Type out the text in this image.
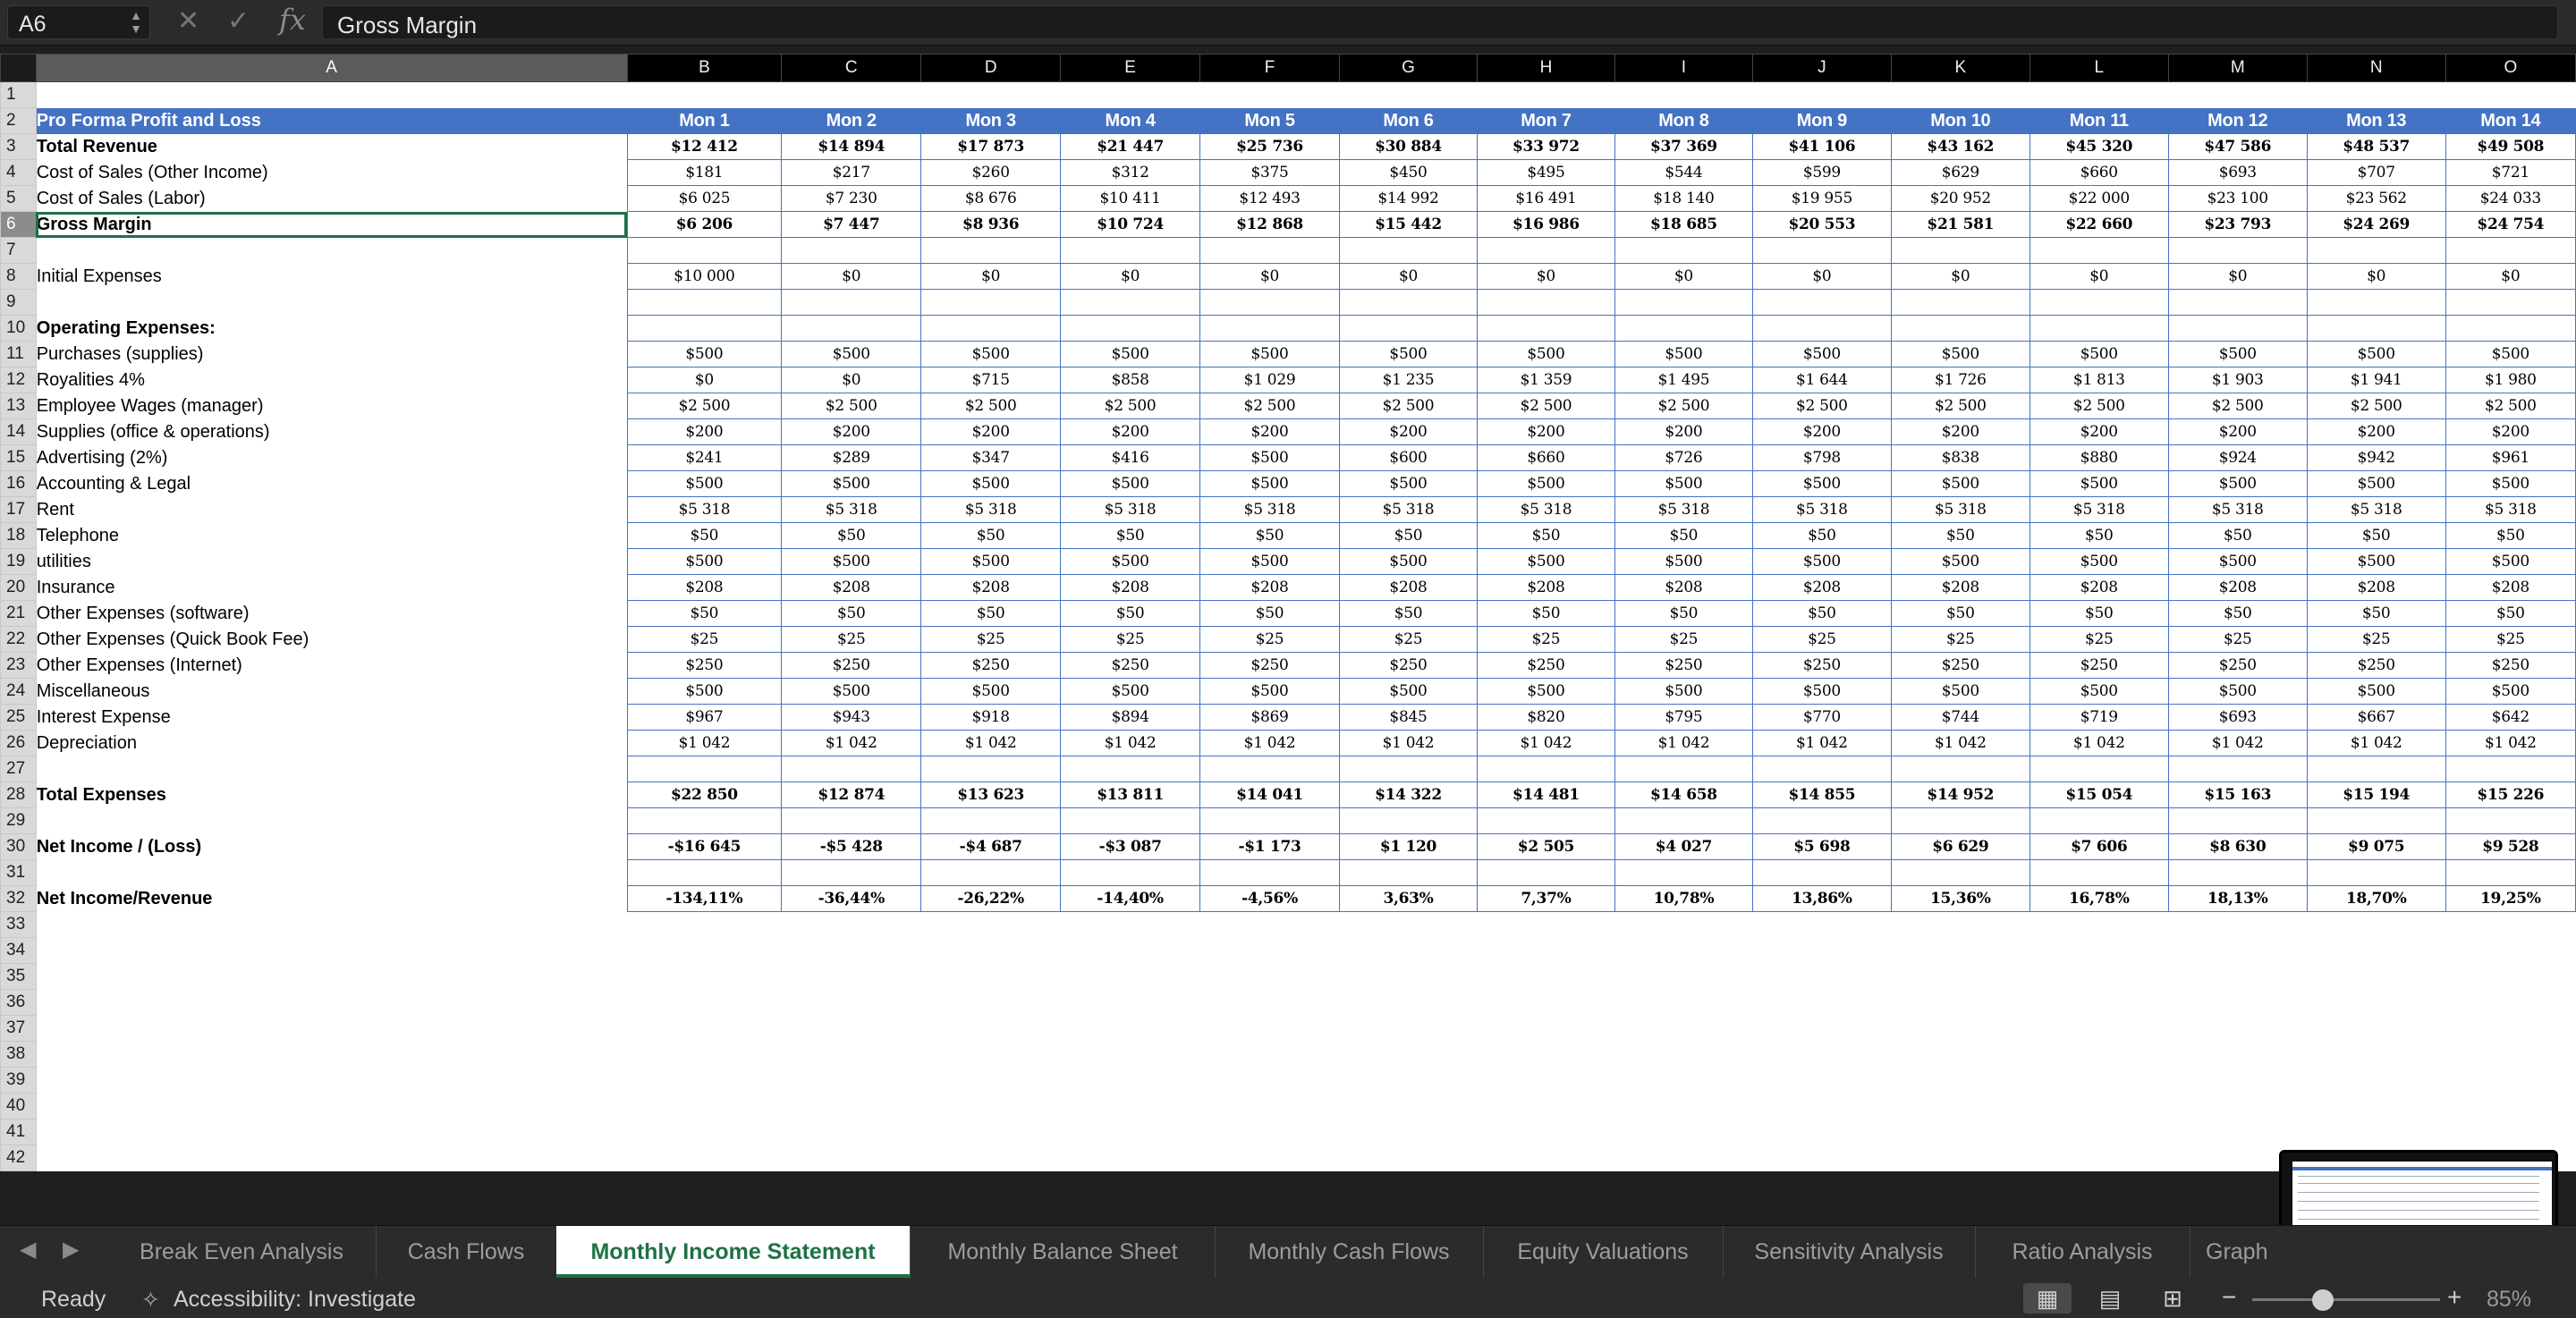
A6	▲
▼ ✕ ✓ fx Gross Margin
	A	B	C	D	E	F	G	H	I	J	K	L	M	N	O
1															
2	Pro Forma Profit and Loss	Mon 1	Mon 2	Mon 3	Mon 4	Mon 5	Mon 6	Mon 7	Mon 8	Mon 9	Mon 10	Mon 11	Mon 12	Mon 13	Mon 14
3	Total Revenue	$12 412	$14 894	$17 873	$21 447	$25 736	$30 884	$33 972	$37 369	$41 106	$43 162	$45 320	$47 586	$48 537	$49 508
4	Cost of Sales (Other Income)	$181	$217	$260	$312	$375	$450	$495	$544	$599	$629	$660	$693	$707	$721
5	Cost of Sales (Labor)	$6 025	$7 230	$8 676	$10 411	$12 493	$14 992	$16 491	$18 140	$19 955	$20 952	$22 000	$23 100	$23 562	$24 033
6	Gross Margin	$6 206	$7 447	$8 936	$10 724	$12 868	$15 442	$16 986	$18 685	$20 553	$21 581	$22 660	$23 793	$24 269	$24 754
7															
8	Initial Expenses	$10 000	$0	$0	$0	$0	$0	$0	$0	$0	$0	$0	$0	$0	$0
9															
10	Operating Expenses:														
11	Purchases (supplies)	$500	$500	$500	$500	$500	$500	$500	$500	$500	$500	$500	$500	$500	$500
12	Royalities 4%	$0	$0	$715	$858	$1 029	$1 235	$1 359	$1 495	$1 644	$1 726	$1 813	$1 903	$1 941	$1 980
13	Employee Wages (manager)	$2 500	$2 500	$2 500	$2 500	$2 500	$2 500	$2 500	$2 500	$2 500	$2 500	$2 500	$2 500	$2 500	$2 500
14	Supplies (office & operations)	$200	$200	$200	$200	$200	$200	$200	$200	$200	$200	$200	$200	$200	$200
15	Advertising (2%)	$241	$289	$347	$416	$500	$600	$660	$726	$798	$838	$880	$924	$942	$961
16	Accounting & Legal	$500	$500	$500	$500	$500	$500	$500	$500	$500	$500	$500	$500	$500	$500
17	Rent	$5 318	$5 318	$5 318	$5 318	$5 318	$5 318	$5 318	$5 318	$5 318	$5 318	$5 318	$5 318	$5 318	$5 318
18	Telephone	$50	$50	$50	$50	$50	$50	$50	$50	$50	$50	$50	$50	$50	$50
19	utilities	$500	$500	$500	$500	$500	$500	$500	$500	$500	$500	$500	$500	$500	$500
20	Insurance	$208	$208	$208	$208	$208	$208	$208	$208	$208	$208	$208	$208	$208	$208
21	Other Expenses (software)	$50	$50	$50	$50	$50	$50	$50	$50	$50	$50	$50	$50	$50	$50
22	Other Expenses (Quick Book Fee)	$25	$25	$25	$25	$25	$25	$25	$25	$25	$25	$25	$25	$25	$25
23	Other Expenses (Internet)	$250	$250	$250	$250	$250	$250	$250	$250	$250	$250	$250	$250	$250	$250
24	Miscellaneous	$500	$500	$500	$500	$500	$500	$500	$500	$500	$500	$500	$500	$500	$500
25	Interest Expense	$967	$943	$918	$894	$869	$845	$820	$795	$770	$744	$719	$693	$667	$642
26	Depreciation	$1 042	$1 042	$1 042	$1 042	$1 042	$1 042	$1 042	$1 042	$1 042	$1 042	$1 042	$1 042	$1 042	$1 042
27															
28	Total Expenses	$22 850	$12 874	$13 623	$13 811	$14 041	$14 322	$14 481	$14 658	$14 855	$14 952	$15 054	$15 163	$15 194	$15 226
29															
30	Net Income / (Loss)	-$16 645	-$5 428	-$4 687	-$3 087	-$1 173	$1 120	$2 505	$4 027	$5 698	$6 629	$7 606	$8 630	$9 075	$9 528
31															
32	Net Income/Revenue	-134,11%	-36,44%	-26,22%	-14,40%	-4,56%	3,63%	7,37%	10,78%	13,86%	15,36%	16,78%	18,13%	18,70%	19,25%
33															
34															
35															
36															
37															
38															
39															
40															
41															
42															
◀ ▶	Break Even Analysis	Cash Flows	Monthly Income Statement	Monthly Balance Sheet	Monthly Cash Flows	Equity Valuations	Sensitivity Analysis	Ratio Analysis	Graph
Ready ✧ Accessibility: Investigate	▦	▤	⊞	−	+ 85%
